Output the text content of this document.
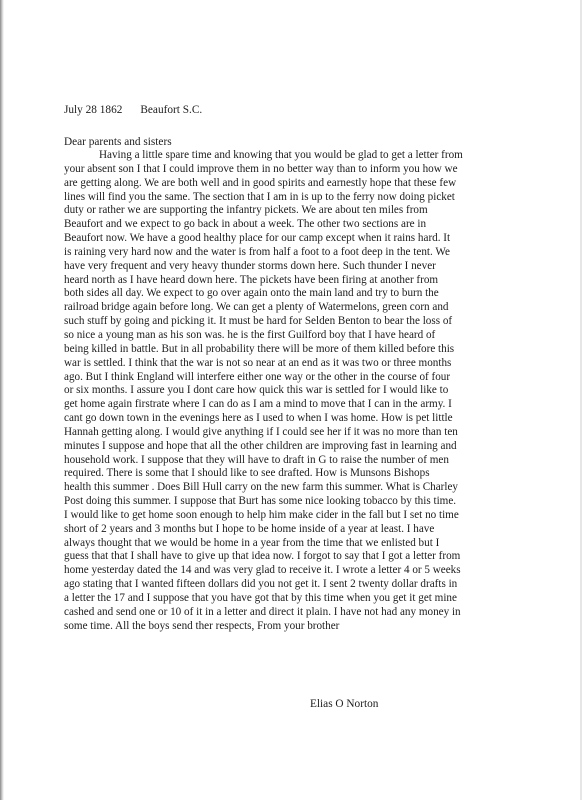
July 28 1862 Beaufort S.C.
Dear parents and sisters
Having a little spare time and knowing that you would be glad to get a letter from
your absent son I that I could improve them in no better way than to inform you how we
are getting along. We are both well and in good spirits and earnestly hope that these few
lines will find you the same. The section that I am in is up to the ferry now doing picket
duty or rather we are supporting the infantry pickets. We are about ten miles from
Beaufort and we expect to go back in about a week. The other two sections are in
Beaufort now. We have a good healthy place for our camp except when it rains hard. It
is raining very hard now and the water is from half a foot to a foot deep in the tent. We
have very frequent and very heavy thunder storms down here. Such thunder I never
heard north as I have heard down here. The pickets have been firing at another from
both sides all day. We expect to go over again onto the main land and try to burn the
railroad bridge again before long. We can get a plenty of Watermelons, green corn and
such stuff by going and picking it. It must be hard for Selden Benton to bear the loss of
so nice a young man as his son was. he is the first Guilford boy that I have heard of
being killed in battle. But in all probability there will be more of them killed before this
war is settled. I think that the war is not so near at an end as it was two or three months
ago. But I think England will interfere either one way or the other in the course of four
or six months. I assure you I dont care how quick this war is settled for I would like to
get home again firstrate where I can do as I am a mind to move that I can in the army. I
cant go down town in the evenings here as I used to when I was home. How is pet little
Hannah getting along. I would give anything if I could see her if it was no more than ten
minutes I suppose and hope that all the other children are improving fast in learning and
household work. I suppose that they will have to draft in G to raise the number of men
required. There is some that I should like to see drafted. How is Munsons Bishops
health this summer . Does Bill Hull carry on the new farm this summer. What is Charley
Post doing this summer. I suppose that Burt has some nice looking tobacco by this time.
I would like to get home soon enough to help him make cider in the fall but I set no time
short of 2 years and 3 months but I hope to be home inside of a year at least. I have
always thought that we would be home in a year from the time that we enlisted but I
guess that that I shall have to give up that idea now. I forgot to say that I got a letter from
home yesterday dated the 14 and was very glad to receive it. I wrote a letter 4 or 5 weeks
ago stating that I wanted fifteen dollars did you not get it. I sent 2 twenty dollar drafts in
a letter the 17 and I suppose that you have got that by this time when you get it get mine
cashed and send one or 10 of it in a letter and direct it plain. I have not had any money in
some time. All the boys send ther respects, From your brother
Elias O Norton
